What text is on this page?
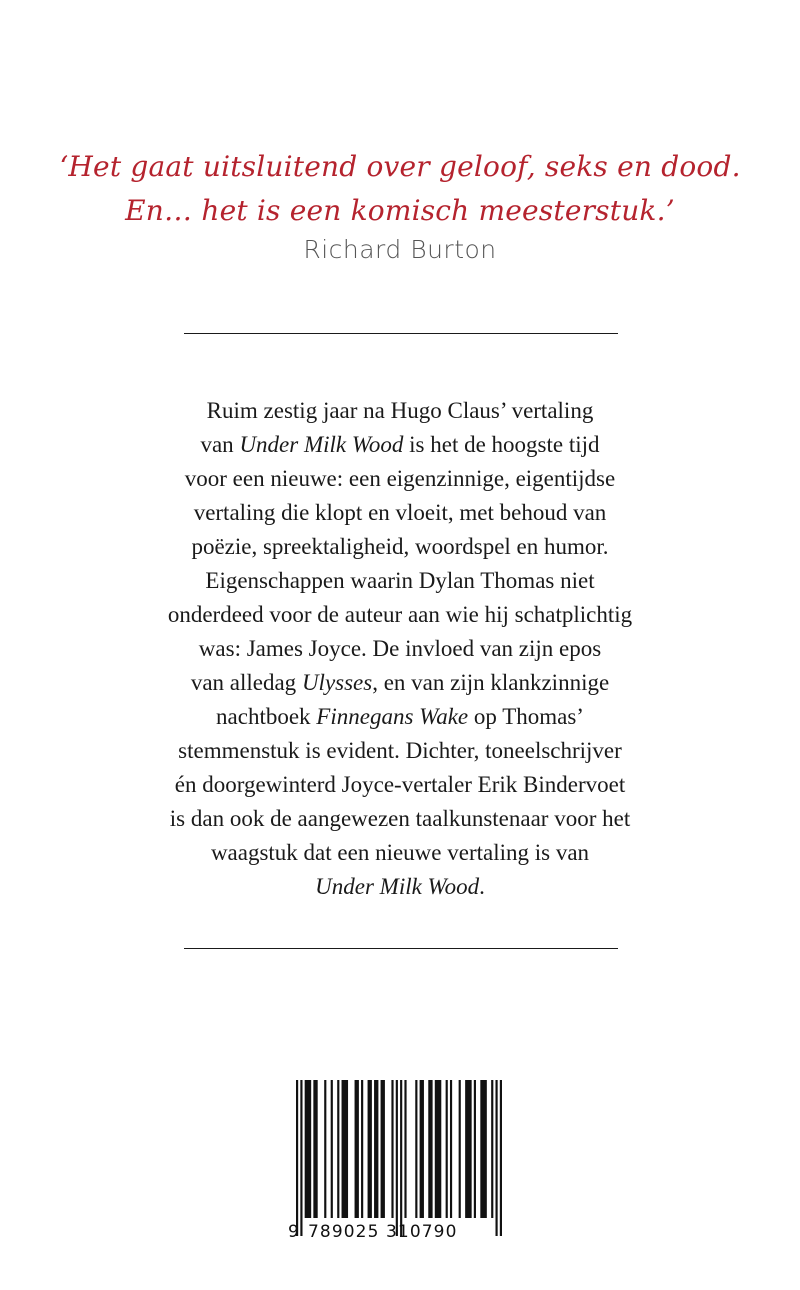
‘Het gaat uitsluitend over geloof, seks en dood.
En… het is een komisch meesterstuk.’
Richard Burton
Ruim zestig jaar na Hugo Claus’ vertaling
van Under Milk Wood is het de hoogste tijd
voor een nieuwe: een eigenzinnige, eigentijdse
vertaling die klopt en vloeit, met behoud van
poëzie, spreektaligheid, woordspel en humor.
Eigenschappen waarin Dylan Thomas niet
onderdeed voor de auteur aan wie hij schatplichtig
was: James Joyce. De invloed van zijn epos
van alledag Ulysses, en van zijn klankzinnige
nachtboek Finnegans Wake op Thomas’
stemmenstuk is evident. Dichter, toneelschrijver
én doorgewinterd Joyce-vertaler Erik Bindervoet
is dan ook de aangewezen taalkunstenaar voor het
waagstuk dat een nieuwe vertaling is van
Under Milk Wood.
9 789025 310790
